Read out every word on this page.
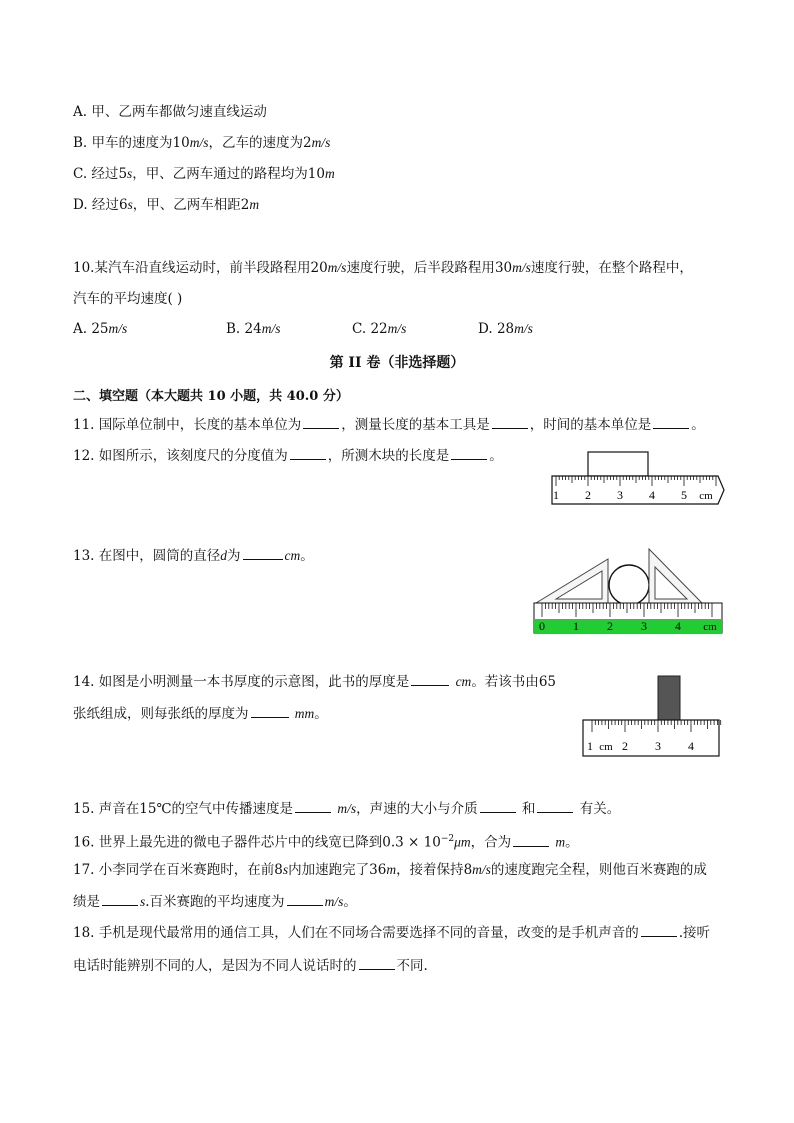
A. 甲、乙两车都做匀速直线运动
B. 甲车的速度为10m/s，乙车的速度为2m/s
C. 经过5s，甲、乙两车通过的路程均为10m
D. 经过6s，甲、乙两车相距2m
10.某汽车沿直线运动时，前半段路程用20m/s速度行驶，后半段路程用30m/s速度行驶，在整个路程中，
汽车的平均速度( )
A. 25m/s	B. 24m/s	C. 22m/s	D. 28m/s
第 II 卷（非选择题）
二、填空题（本大题共 10 小题，共 40.0 分）
11. 国际单位制中，长度的基本单位为	，测量长度的基本工具是	，时间的基本单位是	。
12. 如图所示，该刻度尺的分度值为	，所测木块的长度是	。
1 2 3 4 5 cm
13. 在图中，圆筒的直径d为	cm。
0 1 2 3 4 cm
14. 如图是小明测量一本书厚度的示意图，此书的厚度是	cm。若该书由65
张纸组成，则每张纸的厚度为	mm。
1 2 3 4
cm
15. 声音在15℃的空气中传播速度是	m/s，声速的大小与介质	和	有关。
16. 世界上最先进的微电子器件芯片中的线宽已降到$0.3 \times 10^{-2}\mu m$，合为	m。
17. 小李同学在百米赛跑时，在前8s内加速跑完了36m，接着保持8m/s的速度跑完全程，则他百米赛跑的成
绩是	s.百米赛跑的平均速度为	m/s。
18. 手机是现代最常用的通信工具，人们在不同场合需要选择不同的音量，改变的是手机声音的	.接听
电话时能辨别不同的人，是因为不同人说话时的	不同.
